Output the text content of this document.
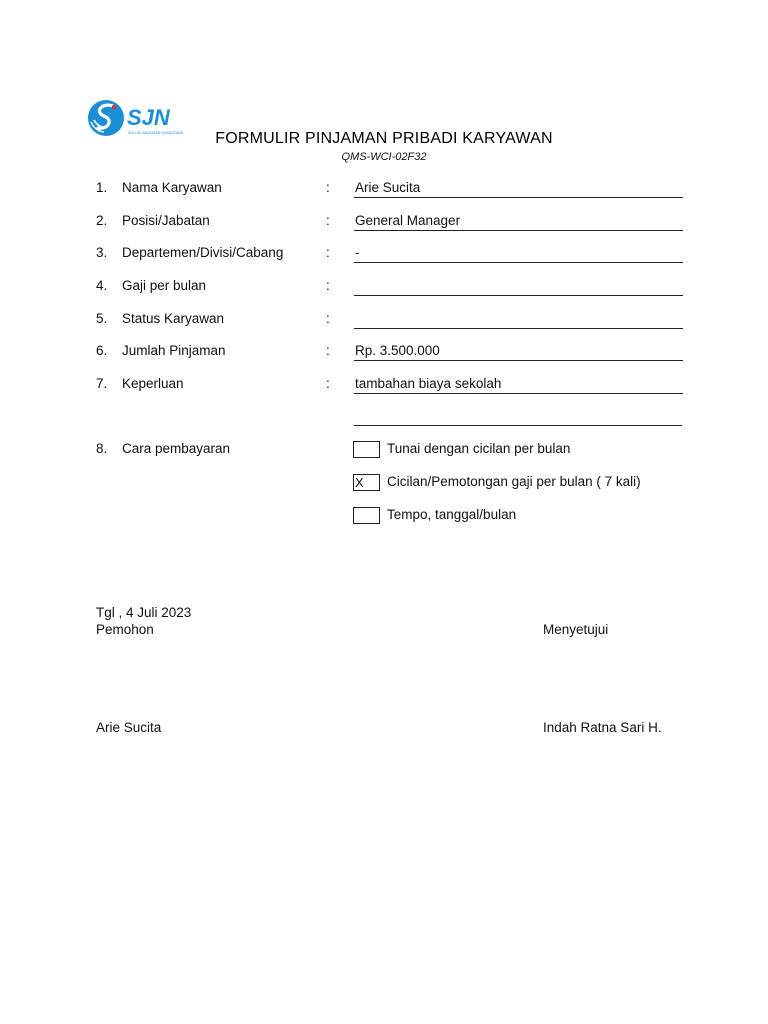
SJN
SOLUSI JARINGAN NUSANTARA	FORMULIR PINJAMAN PRIBADI KARYAWAN
QMS-WCI-02F32
1. Nama Karyawan	: Arie Sucita
2. Posisi/Jabatan	: General Manager
3. Departemen/Divisi/Cabang	: -
4. Gaji per bulan	:
5. Status Karyawan	:
6. Jumlah Pinjaman	: Rp. 3.500.000
7. Keperluan	: tambahan biaya sekolah
8. Cara pembayaran	Tunai dengan cicilan per bulan
X	Cicilan/Pemotongan gaji per bulan ( 7 kali)
Tempo, tanggal/bulan
Tgl , 4 Juli 2023
Pemohon	Menyetujui
Arie Sucita	Indah Ratna Sari H.
